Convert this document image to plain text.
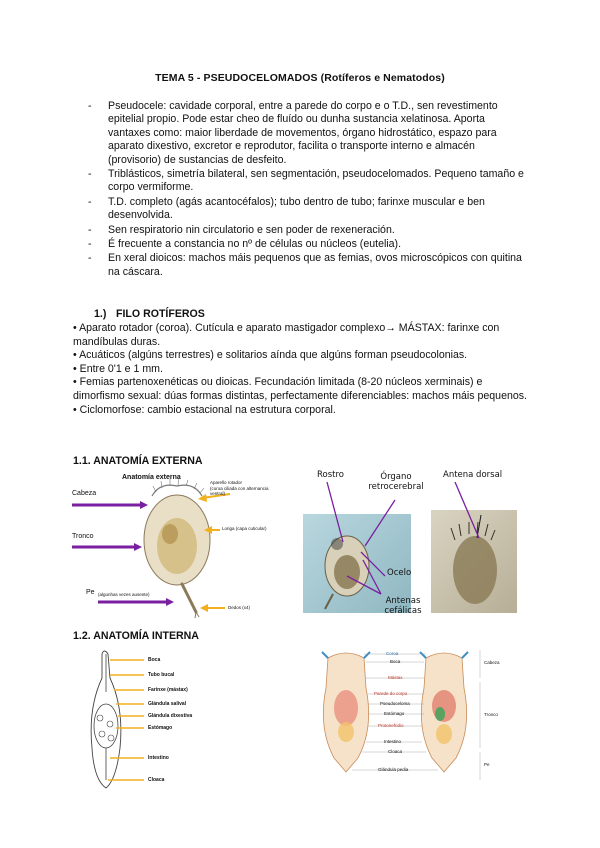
TEMA 5 - PSEUDOCELOMADOS (Rotíferos e Nematodos)
- Pseudocele: cavidade corporal, entre a parede do corpo e o T.D., sen revestimento epitelial propio. Pode estar cheo de fluído ou dunha sustancia xelatinosa. Aporta vantaxes como: maior liberdade de movementos, órgano hidrostático, espazo para aparato dixestivo, excretor e reprodutor, facilita o transporte interno e almacén (provisorio) de sustancias de desfeito.
- Triblásticos, simetría bilateral, sen segmentación, pseudocelomados. Pequeno tamaño e corpo vermiforme.
- T.D. completo (agás acantocéfalos); tubo dentro de tubo; farinxe muscular e ben desenvolvida.
- Sen respiratorio nin circulatorio e sen poder de rexeneración.
- É frecuente a constancia no nº de células ou núcleos (eutelia).
- En xeral dioicos: machos máis pequenos que as femias, ovos microscópicos con quitina na cáscara.
1.) FILO ROTÍFEROS

• Aparato rotador (coroa). Cutícula e aparato mastigador complexo→ MÁSTAX: farinxe con mandíbulas duras.

• Acuáticos (algúns terrestres) e solitarios aínda que algúns forman pseudocolonias.

• Entre 0'1 e 1 mm.

• Femias partenoxenéticas ou dioicas. Fecundación limitada (8-20 núcleos xerminais) e dimorfismo sexual: dúas formas distintas, perfectamente diferenciables: machos máis pequenos.

• Ciclomorfose: cambio estacional na estrutura corporal.

1.1. ANATOMÍA EXTERNA
Anatomía externa
Cabeza
Tronco
Pe (algunhas vezes ausente)
Aparello rotador
(coroa ciliada con alternancia ventral)
Loriga (capa cuticular)
Dedos (x4)
Rostro	Órgano retrocerebral
Ocelo
Antenas cefálicas
Antena dorsal
1.2. ANATOMÍA INTERNA
Boca
Tubo bucal
Farinxe (mástax)
Glándula salival
Glándula dixestiva
Estómago
Intestino
Cloaca
Coroa
Boca
Mástax
Parede do corpo
Pseudoceloma
Estómago
Protonefridio
Intestino
Cloaca
Glándula pedia
Cabeza
Tronco
Pe
